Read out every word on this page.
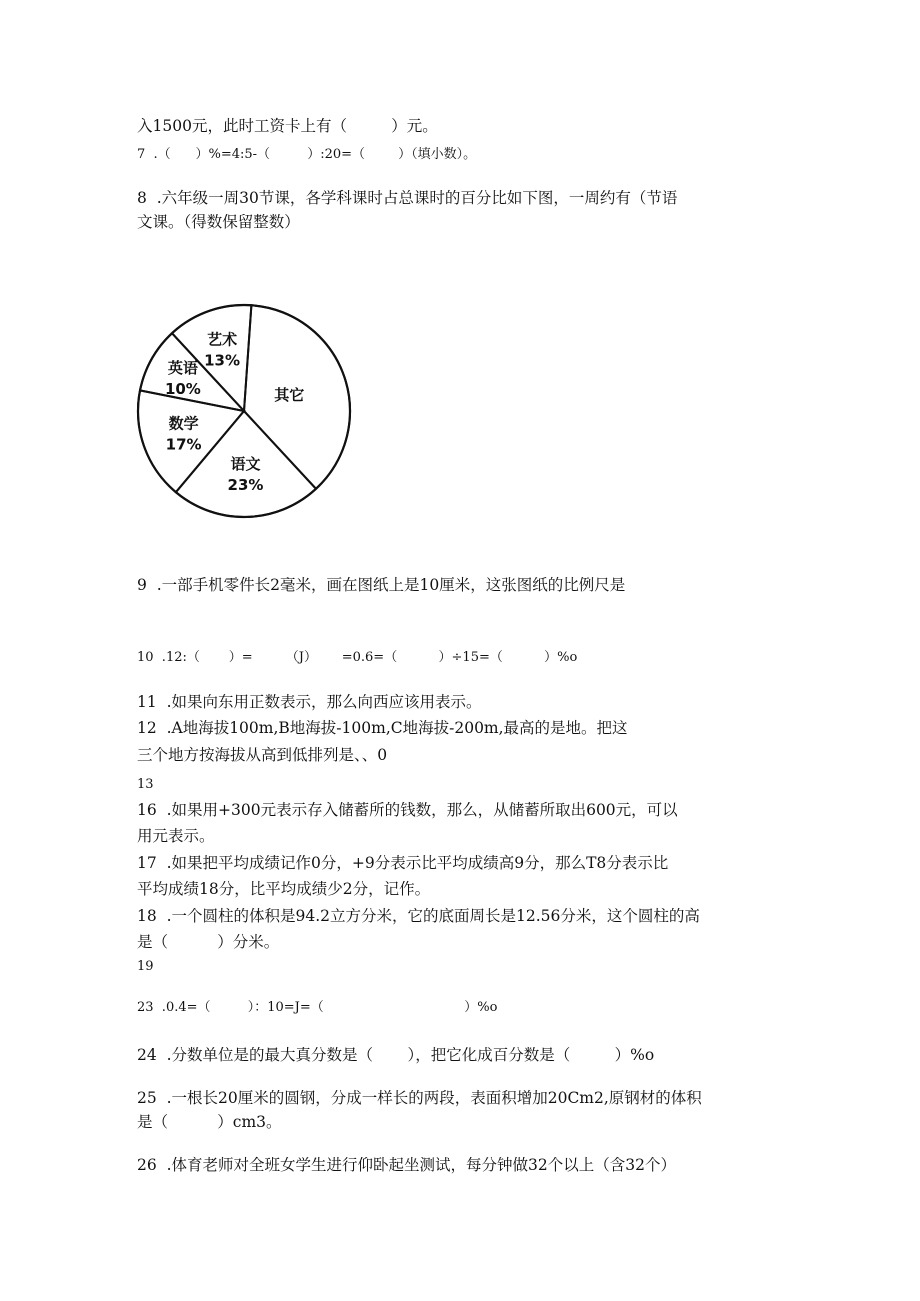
入1500元，此时工资卡上有（         ）元。
7  .（      ）%=4:5-（         ）:20=（        ）（填小数）。
8  .六年级一周30节课，各学科课时占总课时的百分比如下图，一周约有（节语
文课。（得数保留整数）
其它
语文
23%
数学
17%
英语
10%
艺术
13%
9  .一部手机零件长2毫米，画在图纸上是10厘米，这张图纸的比例尺是
10  .12:（       ）=        （J）      =0.6=（          ）÷15=（          ）%o
11  .如果向东用正数表示，那么向西应该用表示。
12  .A地海拔100m,B地海拔-100m,C地海拔-200m,最高的是地。把这
三个地方按海拔从高到低排列是、、0
13
16  .如果用+300元表示存入储蓄所的钱数，那么，从储蓄所取出600元，可以
用元表示。
17  .如果把平均成绩记作0分，+9分表示比平均成绩高9分，那么T8分表示比
平均成绩18分，比平均成绩少2分，记作。
18  .一个圆柱的体积是94.2立方分米，它的底面周长是12.56分米，这个圆柱的高
是（          ）分米。
19
23  .0.4=（         ）：10=J=（                                  ）%o
24  .分数单位是的最大真分数是（       ），把它化成百分数是（         ）%o
25  .一根长20厘米的圆钢，分成一样长的两段，表面积增加20Cm2,原钢材的体积
是（          ）cm3。
26  .体育老师对全班女学生进行仰卧起坐测试，每分钟做32个以上（含32个）
